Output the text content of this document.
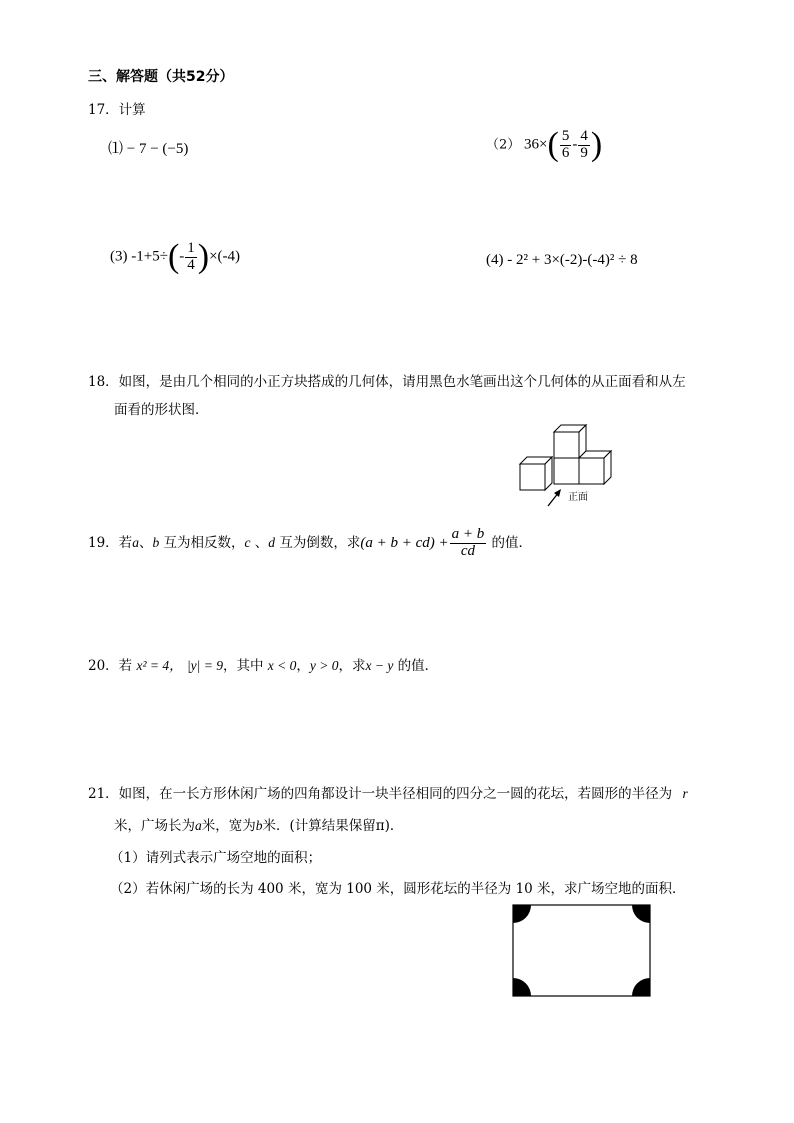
三、解答题（共52分）
17．计算
⑴ − 7 − (−5)	（2） $36\times( \frac{5}{6} - \frac{4}{9}$ )
(3) $-1+5\div(- \frac{1}{4} )\times(-4)$	(4) - 2² + 3×(-2)-(-4)² ÷ 8
18．如图，是由几个相同的小正方块搭成的几何体，请用黑色水笔画出这个几何体的从正面看和从左
面看的形状图．
正面
19．若a、b 互为相反数，c 、d 互为倒数，求$(a + b + cd) + \frac{a + b}{cd}$ 的值．
20．若 x² = 4， |y| = 9，其中 x < 0，y > 0，求x − y 的值．
21．如图，在一长方形休闲广场的四角都设计一块半径相同的四分之一圆的花坛，若圆形的半径为 r
米，广场长为a米，宽为b米．(计算结果保留π)．
（1）请列式表示广场空地的面积；
（2）若休闲广场的长为 400 米，宽为 100 米，圆形花坛的半径为 10 米，求广场空地的面积．
